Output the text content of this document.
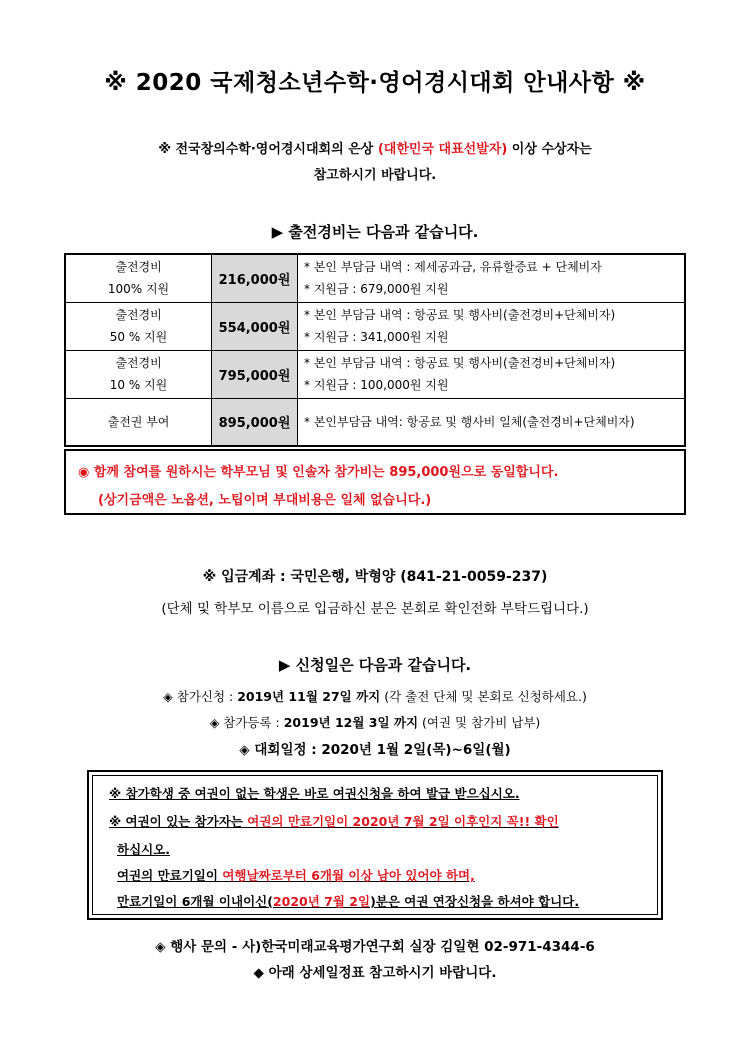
※ 2020 국제청소년수학·영어경시대회 안내사항 ※
※ 전국창의수학·영어경시대회의 은상 (대한민국 대표선발자) 이상 수상자는
참고하시기 바랍니다.
▶ 출전경비는 다음과 같습니다.
출전경비
100% 지원	216,000원	* 본인 부담금 내역 : 제세공과금, 유류할증료 + 단체비자
* 지원금 : 679,000원 지원
출전경비
50 % 지원	554,000원	* 본인 부담금 내역 : 항공료 및 행사비(출전경비+단체비자)
* 지원금 : 341,000원 지원
출전경비
10 % 지원	795,000원	* 본인 부담금 내역 : 항공료 및 행사비(출전경비+단체비자)
* 지원금 : 100,000원 지원
출전권 부여	895,000원	* 본인부담금 내역: 항공료 및 행사비 일체(출전경비+단체비자)
◉ 함께 참여를 원하시는 학부모님 및 인솔자 참가비는 895,000원으로 동일합니다.
(상기금액은 노옵션, 노팁이며 부대비용은 일체 없습니다.)
※ 입금계좌 : 국민은행, 박형양 (841-21-0059-237)
(단체 및 학부모 이름으로 입금하신 분은 본회로 확인전화 부탁드립니다.)
▶ 신청일은 다음과 같습니다.
◈ 참가신청 : 2019년 11월 27일 까지 (각 출전 단체 및 본회로 신청하세요.)
◈ 참가등록 : 2019년 12월 3일 까지 (여권 및 참가비 납부)
◈ 대회일정 : 2020년 1월 2일(목)~6일(월)
※ 참가학생 중 여권이 없는 학생은 바로 여권신청을 하여 발급 받으십시오.
※ 여권이 있는 참가자는 여권의 만료기일이 2020년 7월 2일 이후인지 꼭!! 확인
하십시오.
여권의 만료기일이 여행날짜로부터 6개월 이상 남아 있어야 하며,
만료기일이 6개월 이내이신(2020년 7월 2일)분은 여권 연장신청을 하셔야 합니다.
◈ 행사 문의 - 사)한국미래교육평가연구회 실장 김일현 02-971-4344-6
◆ 아래 상세일정표 참고하시기 바랍니다.
